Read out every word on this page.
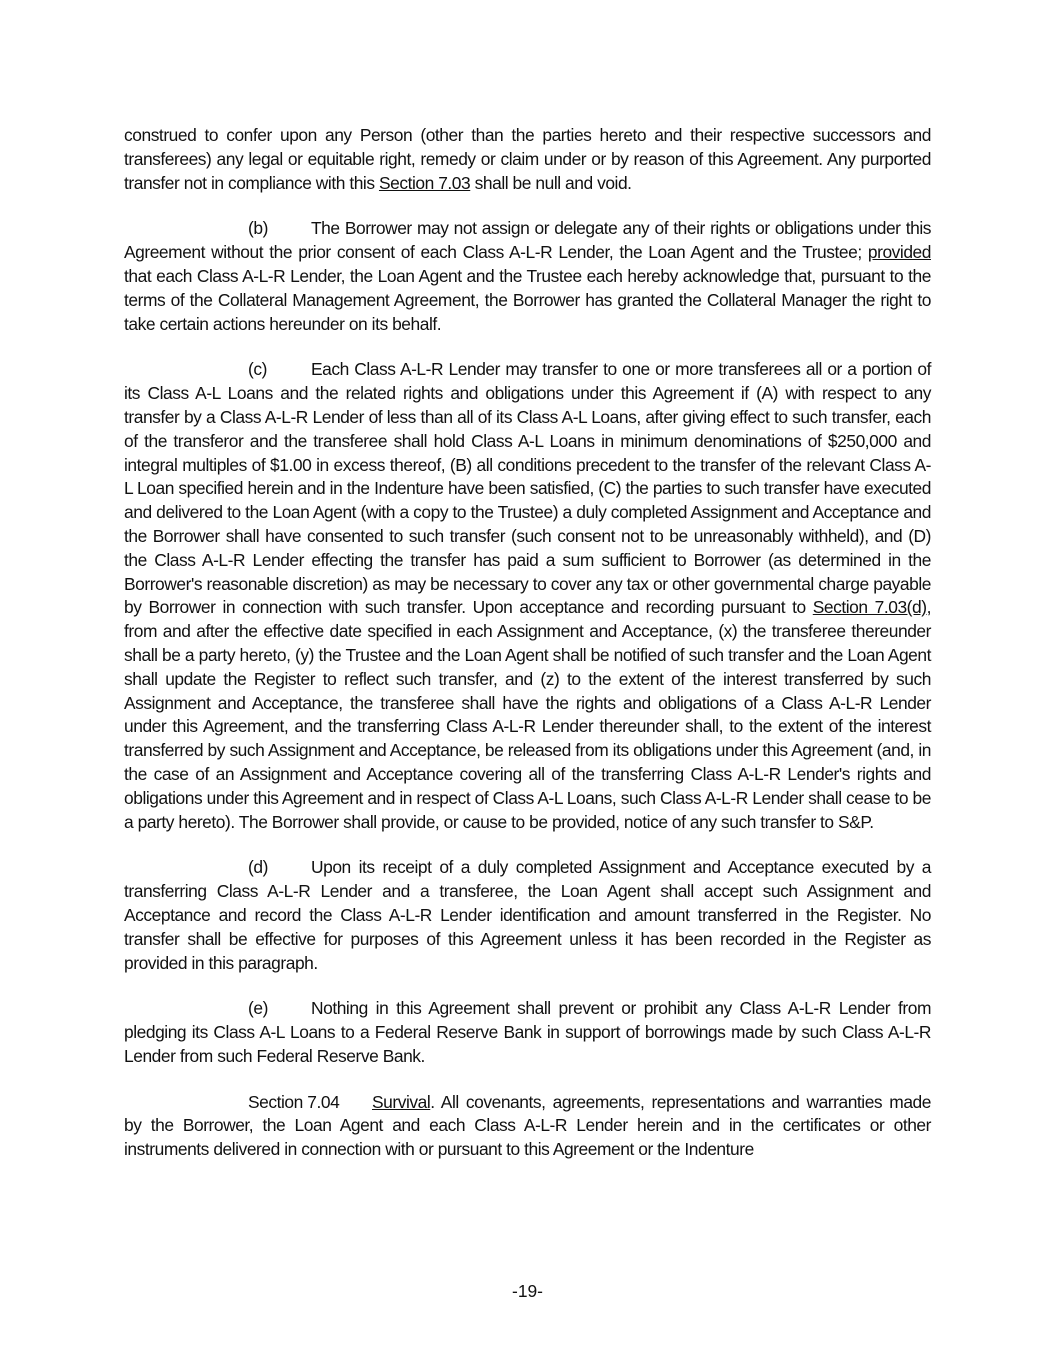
construed to confer upon any Person (other than the parties hereto and their respective successors and transferees) any legal or equitable right, remedy or claim under or by reason of this Agreement. Any purported transfer not in compliance with this Section 7.03 shall be null and void.

(b) The Borrower may not assign or delegate any of their rights or obligations under this Agreement without the prior consent of each Class A-L-R Lender, the Loan Agent and the Trustee; provided that each Class A-L-R Lender, the Loan Agent and the Trustee each hereby acknowledge that, pursuant to the terms of the Collateral Management Agreement, the Borrower has granted the Collateral Manager the right to take certain actions hereunder on its behalf.

(c)	Each Class A-L-R Lender may transfer to one or more transferees all or a portion of its Class A-L Loans and the related rights and obligations under this Agreement if (A) with respect to any transfer by a Class A-L-R Lender of less than all of its Class A-L Loans, after giving effect to such transfer, each of the transferor and the transferee shall hold Class A-L Loans in minimum denominations of $250,000 and integral multiples of $1.00 in excess thereof, (B) all conditions precedent to the transfer of the relevant Class A-L Loan specified herein and in the Indenture have been satisfied, (C) the parties to such transfer have executed and delivered to the Loan Agent (with a copy to the Trustee) a duly completed Assignment and Acceptance and the Borrower shall have consented to such transfer (such consent not to be unreasonably withheld), and (D) the Class A-L-R Lender effecting the transfer has paid a sum sufficient to Borrower (as determined in the Borrower's reasonable discretion) as may be necessary to cover any tax or other governmental charge payable by Borrower in connection with such transfer. Upon acceptance and recording pursuant to Section 7.03(d), from and after the effective date specified in each Assignment and Acceptance, (x) the transferee thereunder shall be a party hereto, (y) the Trustee and the Loan Agent shall be notified of such transfer and the Loan Agent shall update the Register to reflect such transfer, and (z) to the extent of the interest transferred by such Assignment and Acceptance, the transferee shall have the rights and obligations of a Class A-L-R Lender under this Agreement, and the transferring Class A-L-R Lender thereunder shall, to the extent of the interest transferred by such Assignment and Acceptance, be released from its obligations under this Agreement (and, in the case of an Assignment and Acceptance covering all of the transferring Class A-L-R Lender's rights and obligations under this Agreement and in respect of Class A-L Loans, such Class A-L-R Lender shall cease to be a party hereto). The Borrower shall provide, or cause to be provided, notice of any such transfer to S&P.

(d) Upon its receipt of a duly completed Assignment and Acceptance executed by a transferring Class A-L-R Lender and a transferee, the Loan Agent shall accept such Assignment and Acceptance and record the Class A-L-R Lender identification and amount transferred in the Register. No transfer shall be effective for purposes of this Agreement unless it has been recorded in the Register as provided in this paragraph.

(e) Nothing in this Agreement shall prevent or prohibit any Class A-L-R Lender from pledging its Class A-L Loans to a Federal Reserve Bank in support of borrowings made by such Class A-L-R Lender from such Federal Reserve Bank.

Section 7.04 Survival. All covenants, agreements, representations and warranties made by the Borrower, the Loan Agent and each Class A-L-R Lender herein and in the certificates or other instruments delivered in connection with or pursuant to this Agreement or the Indenture

-19-
